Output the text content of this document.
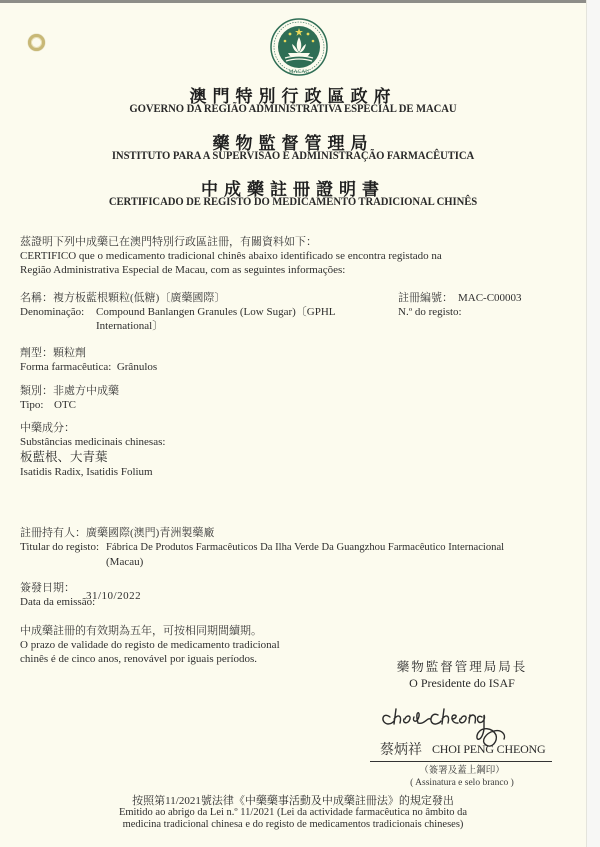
MACAU
澳門特別行政區政府
GOVERNO DA REGIÃO ADMINISTRATIVA ESPECIAL DE MACAU
藥物監督管理局
INSTITUTO PARA A SUPERVISÃO E ADMINISTRAÇÃO FARMACÊUTICA
中成藥註冊證明書
CERTIFICADO DE REGISTO DO MEDICAMENTO TRADICIONAL CHINÊS
茲證明下列中成藥已在澳門特別行政區註冊，有關資料如下：
CERTIFICO que o medicamento tradicional chinês abaixo identificado se encontra registado na
Região Administrativa Especial de Macau, com as seguintes informações:
名稱：複方板藍根顆粒(低糖)〔廣藥國際〕
Denominação: Compound Banlangen Granules (Low Sugar)〔GPHL
International〕
註冊編號： MAC-C00003
N.º do registo:
劑型：顆粒劑
Forma farmacêutica: Grânulos
類別：非處方中成藥
Tipo: OTC
中藥成分：
Substâncias medicinais chinesas:
板藍根、大青葉
Isatidis Radix, Isatidis Folium
註冊持有人：廣藥國際(澳門)青洲製藥廠
Titular do registo: Fábrica De Produtos Farmacêuticos Da Ilha Verde Da Guangzhou Farmacêutico Internacional
(Macau)
簽發日期：
Data da emissão:
31/10/2022
中成藥註冊的有效期為五年，可按相同期間續期。
O prazo de validade do registo de medicamento tradicional
chinês é de cinco anos, renovável por iguais períodos.
藥物監督管理局局長
O Presidente do ISAF
蔡炳祥 CHOI PENG CHEONG
（簽署及蓋上鋼印）
( Assinatura e selo branco )
按照第11/2021號法律《中藥藥事活動及中成藥註冊法》的規定發出
Emitido ao abrigo da Lei n.º 11/2021 (Lei da actividade farmacêutica no âmbito da
medicina tradicional chinesa e do registo de medicamentos tradicionais chineses)
